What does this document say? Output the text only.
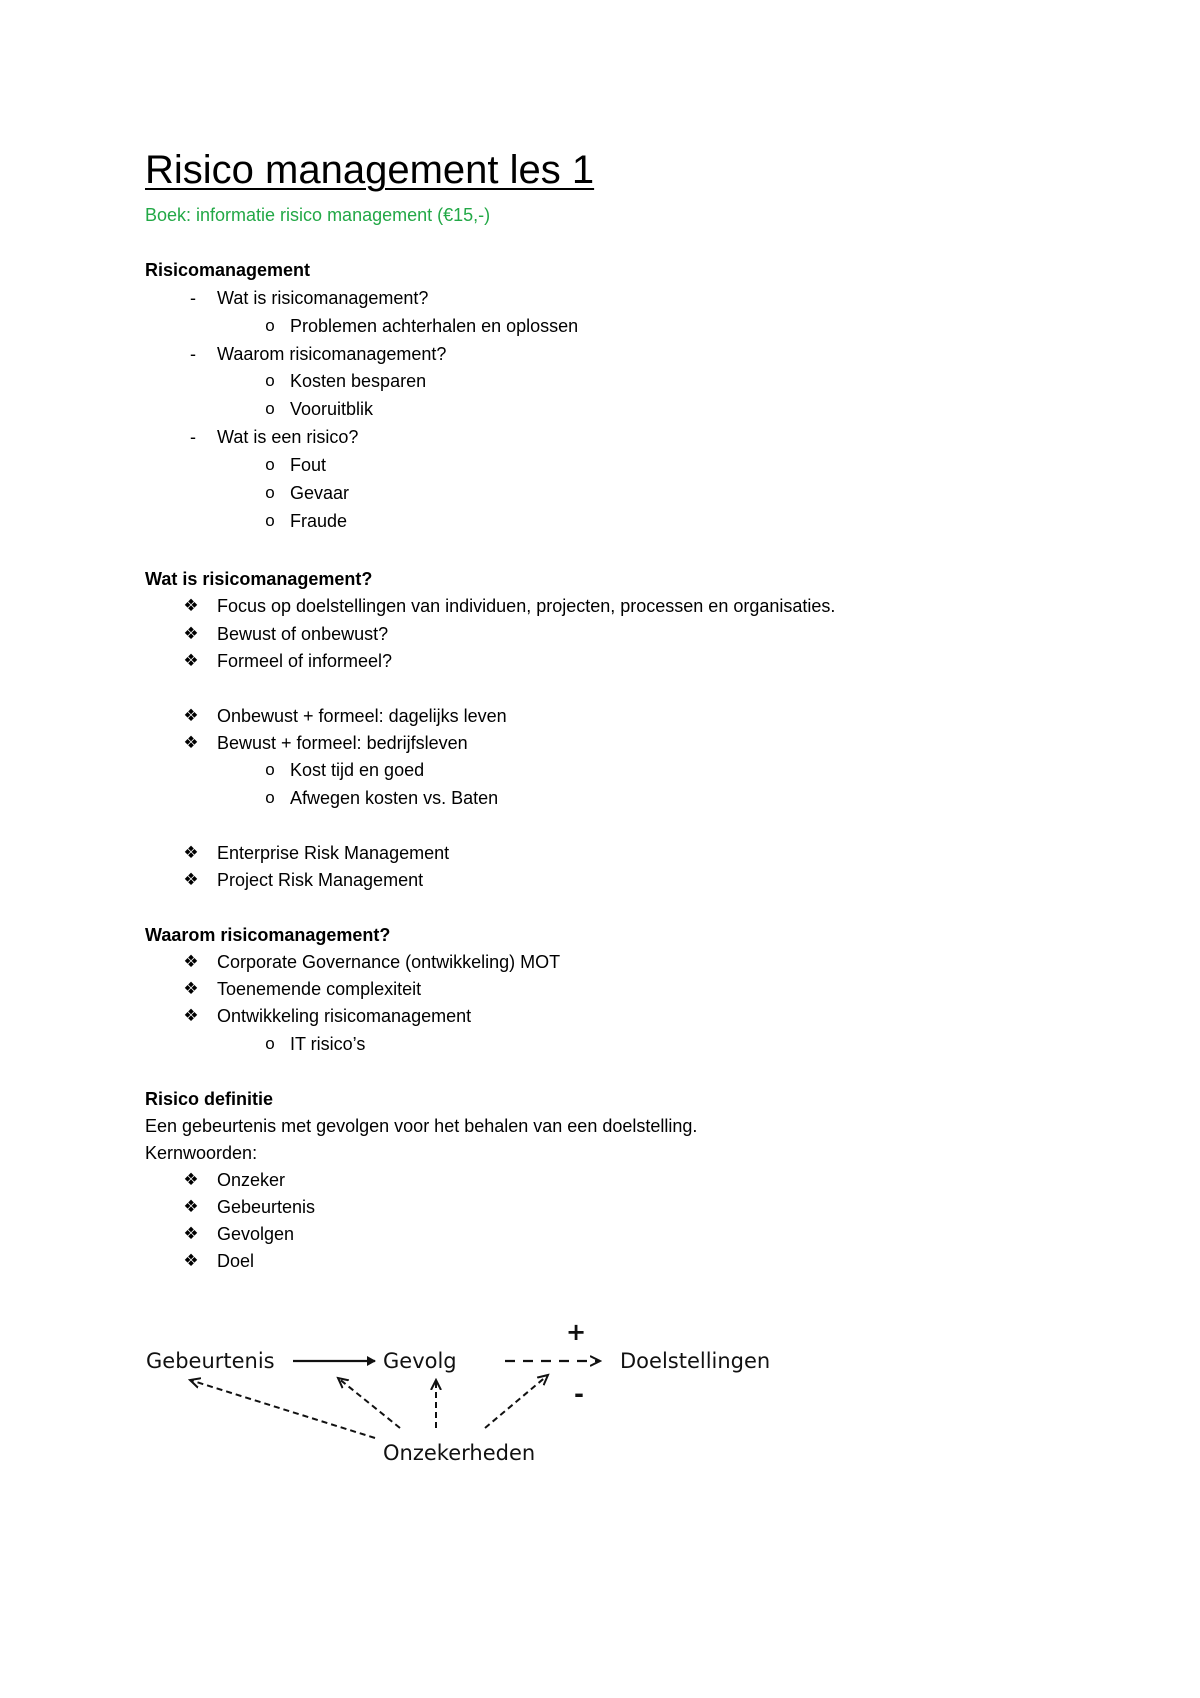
Risico management les 1
Boek: informatie risico management (€15,-)
Risicomanagement
-	Wat is risicomanagement?
o Problemen achterhalen en oplossen
-	Waarom risicomanagement?
o Kosten besparen
o Vooruitblik
-	Wat is een risico?
o Fout
o Gevaar
o Fraude
Wat is risicomanagement?
❖	Focus op doelstellingen van individuen, projecten, processen en organisaties.
❖	Bewust of onbewust?
❖	Formeel of informeel?
❖	Onbewust + formeel: dagelijks leven
❖	Bewust + formeel: bedrijfsleven
o Kost tijd en goed
o Afwegen kosten vs. Baten
❖	Enterprise Risk Management
❖	Project Risk Management
Waarom risicomanagement?
❖	Corporate Governance (ontwikkeling) MOT
❖	Toenemende complexiteit
❖	Ontwikkeling risicomanagement
o IT risico’s
Risico definitie
Een gebeurtenis met gevolgen voor het behalen van een doelstelling.
Kernwoorden:
❖	Onzeker
❖	Gebeurtenis
❖	Gevolgen
❖	Doel
Gebeurtenis	Gevolg	Doelstellingen
Onzekerheden
+
-
